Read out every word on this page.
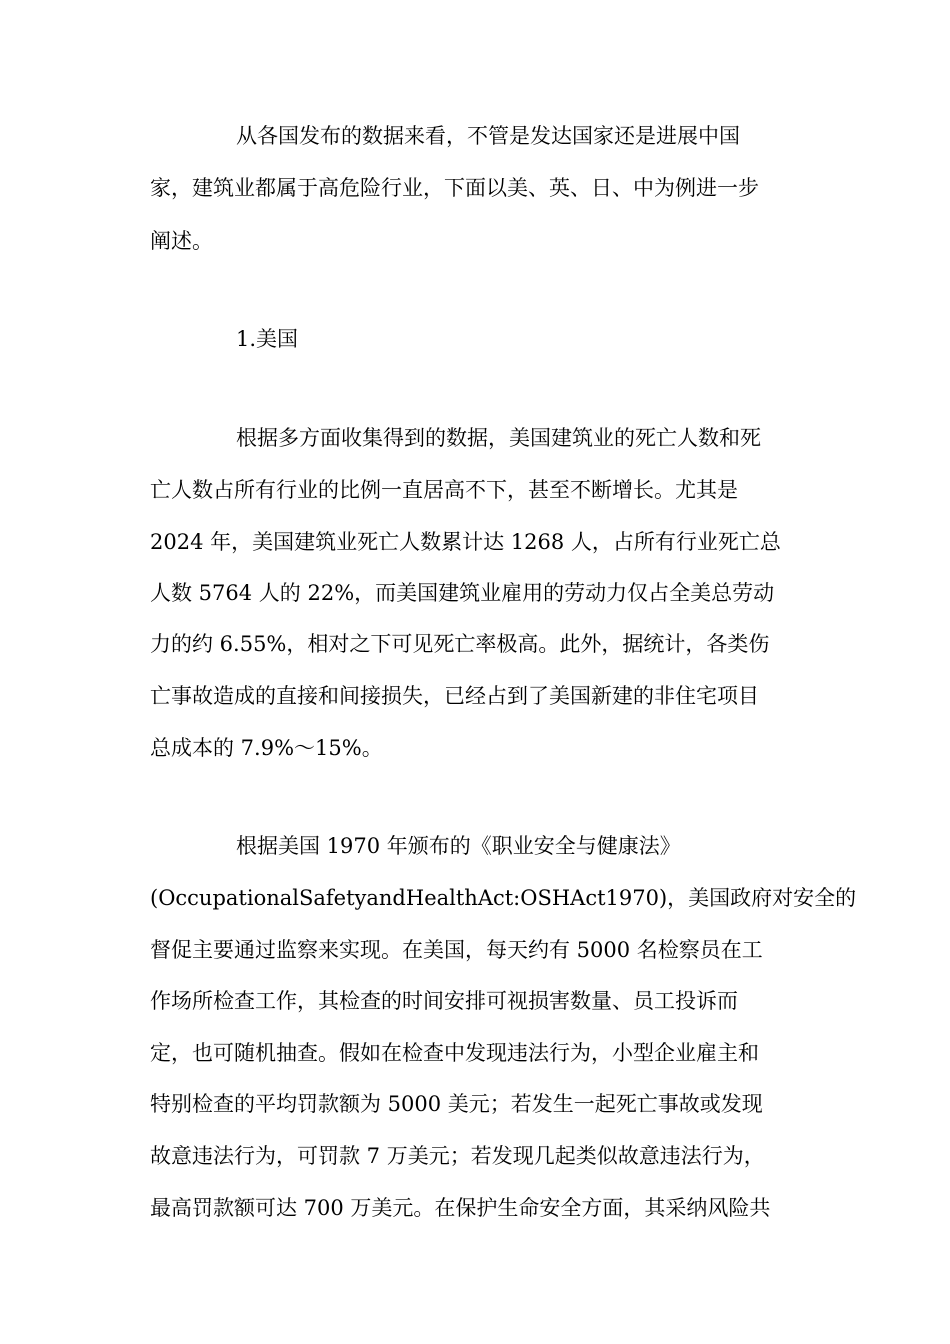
从各国发布的数据来看，不管是发达国家还是进展中国
家，建筑业都属于高危险行业，下面以美、英、日、中为例进一步
阐述。
1.美国
根据多方面收集得到的数据，美国建筑业的死亡人数和死
亡人数占所有行业的比例一直居高不下，甚至不断增长。尤其是
2024 年，美国建筑业死亡人数累计达 1268 人，占所有行业死亡总
人数 5764 人的 22%，而美国建筑业雇用的劳动力仅占全美总劳动
力的约 6.55%，相对之下可见死亡率极高。此外，据统计，各类伤
亡事故造成的直接和间接损失，已经占到了美国新建的非住宅项目
总成本的 7.9%～15%。
根据美国 1970 年颁布的《职业安全与健康法》
(OccupationalSafetyandHealthAct:OSHAct1970)，美国政府对安全的
督促主要通过监察来实现。在美国，每天约有 5000 名检察员在工
作场所检查工作，其检查的时间安排可视损害数量、员工投诉而
定，也可随机抽查。假如在检查中发现违法行为，小型企业雇主和
特别检查的平均罚款额为 5000 美元；若发生一起死亡事故或发现
故意违法行为，可罚款 7 万美元；若发现几起类似故意违法行为，
最高罚款额可达 700 万美元。在保护生命安全方面，其采纳风险共
